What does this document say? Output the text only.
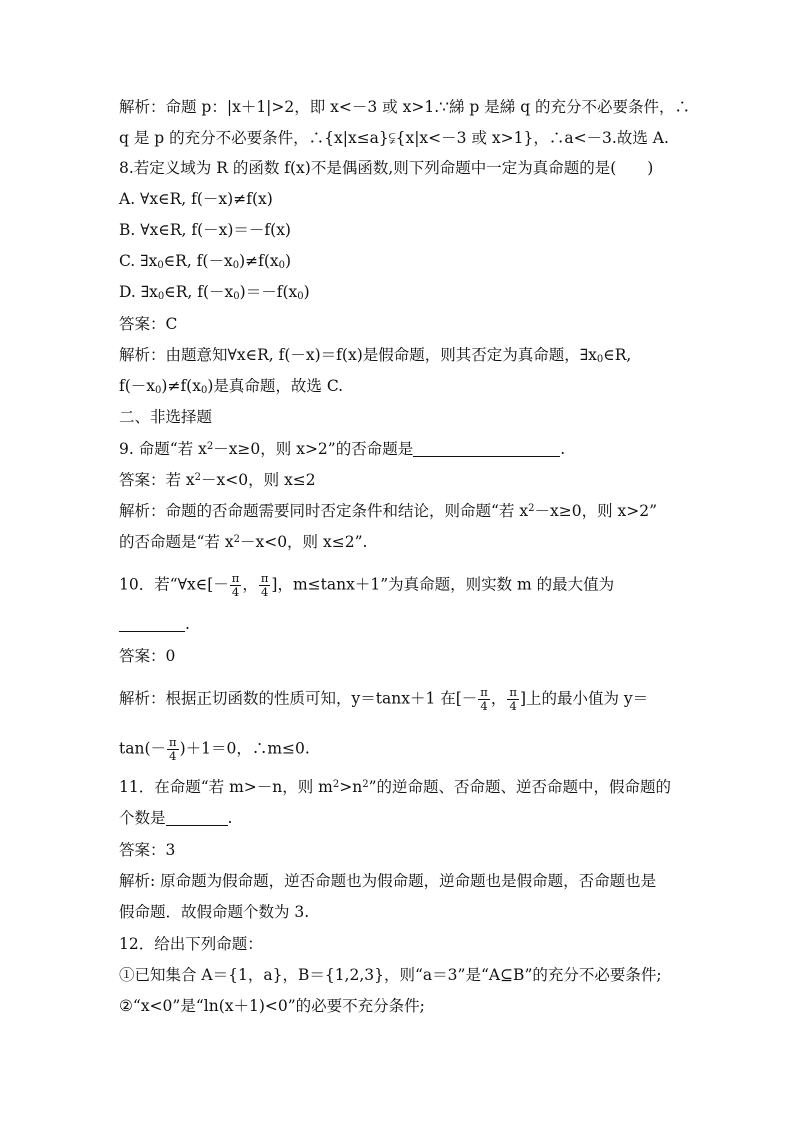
解析：命题 p：|x＋1|>2，即 x<－3 或 x>1.∵綈 p 是綈 q 的充分不必要条件，∴
q 是 p 的充分不必要条件，∴{x|x≤a}⫋{x|x<－3 或 x>1}，∴a<－3.故选 A.
8.若定义域为 R 的函数 f(x)不是偶函数,则下列命题中一定为真命题的是(　　)
A. ∀x∈R, f(－x)≠f(x)
B. ∀x∈R, f(－x)＝－f(x)
C. $\exists x_0\in R$, $f(-x_0)\ne f(x_0)$
D. $\exists x_0\in R$, $f(-x_0)=-f(x_0)$
答案：C
解析：由题意知∀x∈R, f(－x)＝f(x)是假命题，则其否定为真命题，$\exists x_0\in R$,
$f(-x_0)\ne f(x_0)$是真命题，故选 C.
二、非选择题
9. 命题“若 $x^2-x\ge 0$，则 x>2”的否命题是	.
答案：若 $x^2-x<0$，则 x≤2
解析：命题的否命题需要同时否定条件和结论，则命题“若 $x^2-x\ge 0$，则 x>2”
的否命题是“若 $x^2-x<0$，则 x≤2”.
10．若“∀x∈[－ $\frac{\pi}{4}$ ， $\frac{\pi}{4}$ ]，m≤tanx＋1”为真命题，则实数 m 的最大值为
.
答案：0
解析：根据正切函数的性质可知，y＝tanx＋1 在[－ $\frac{\pi}{4}$ ， $\frac{\pi}{4}$ ]上的最小值为 y＝
$\tan(- \frac{\pi}{4} )+1=0$，∴m≤0.
11．在命题“若 m>－n，则 $m^2>n^2$”的逆命题、否命题、逆否命题中，假命题的
个数是	.
答案：3
解析: 原命题为假命题，逆否命题也为假命题，逆命题也是假命题，否命题也是
假命题．故假命题个数为 3.
12．给出下列命题：
①已知集合 A＝{1，a}，B＝{1,2,3}，则“a＝3”是“A⊆B”的充分不必要条件;
②“x<0”是“ln(x＋1)<0”的必要不充分条件;
